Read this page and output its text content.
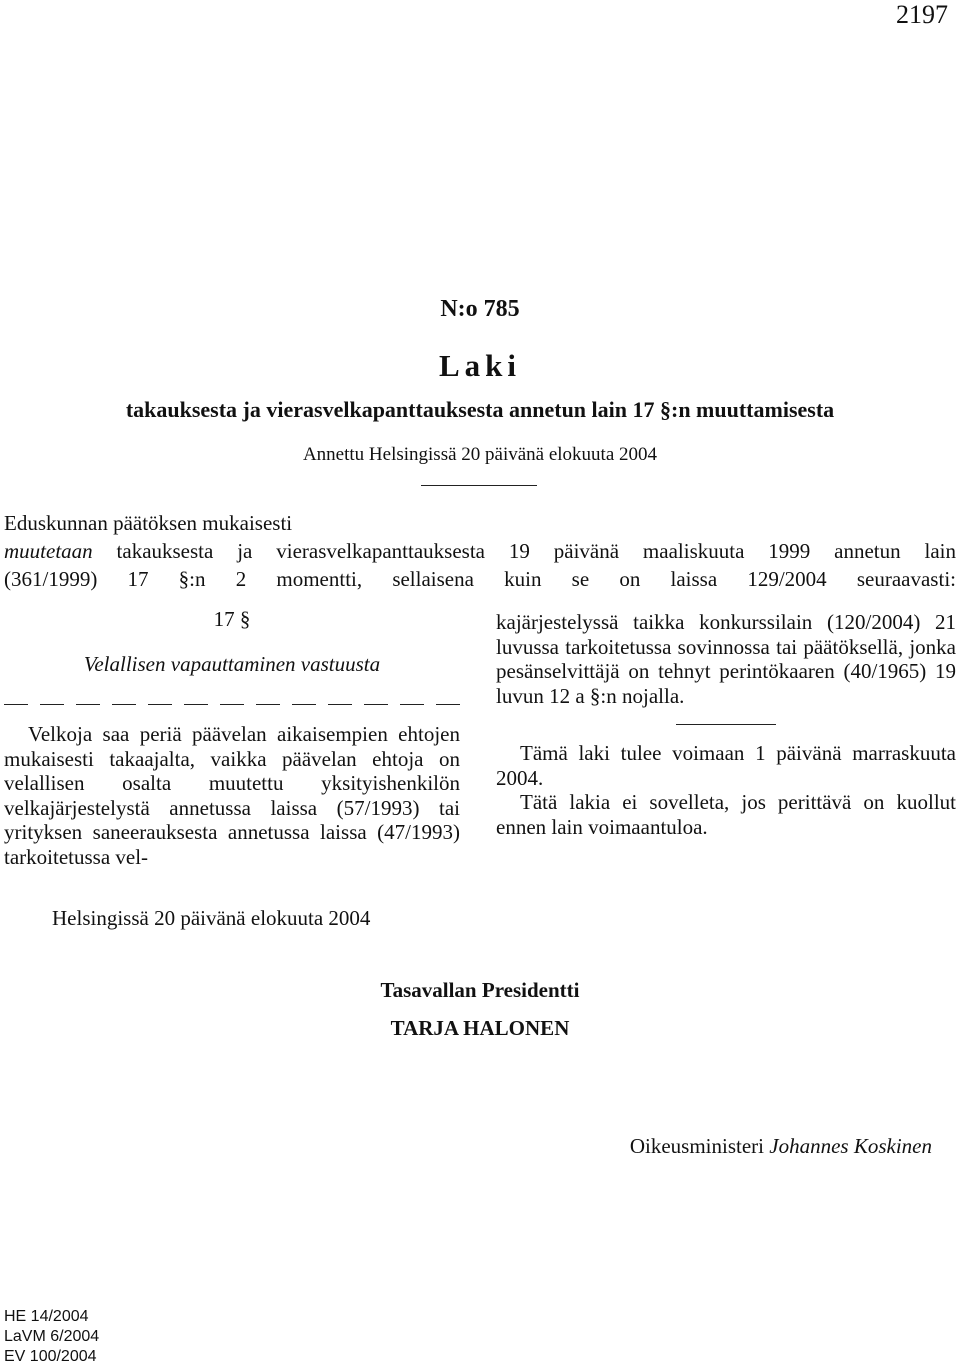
2197
N:o 785
Laki
takauksesta ja vierasvelkapanttauksesta annetun lain 17 §:n muuttamisesta
Annettu Helsingissä 20 päivänä elokuuta 2004

Eduskunnan päätöksen mukaisesti

muutetaan takauksesta ja vierasvelkapanttauksesta 19 päivänä maaliskuuta 1999 annetun lain

(361/1999) 17 §:n 2 momentti, sellaisena kuin se on laissa 129/2004 seuraavasti:

17 §

Velallisen vapauttaminen vastuusta

Velkoja saa periä päävelan aikaisempien ehtojen mukaisesti takaajalta, vaikka päävelan ehtoja on velallisen osalta muutettu yksityishenkilön velkajärjestelystä annetussa laissa (57/1993) tai yrityksen saneerauksesta annetussa laissa (47/1993) tarkoitetussa vel-

kajärjestelyssä taikka konkurssilain (120/2004) 21 luvussa tarkoitetussa sovinnossa tai päätöksellä, jonka pesänselvittäjä on tehnyt perintökaaren (40/1965) 19 luvun 12 a §:n nojalla.

Tämä laki tulee voimaan 1 päivänä marraskuuta 2004.

Tätä lakia ei sovelleta, jos perittävä on kuollut ennen lain voimaantuloa.

Helsingissä 20 päivänä elokuuta 2004
Tasavallan Presidentti
TARJA HALONEN
Oikeusministeri Johannes Koskinen
HE 14/2004
LaVM 6/2004
EV 100/2004
